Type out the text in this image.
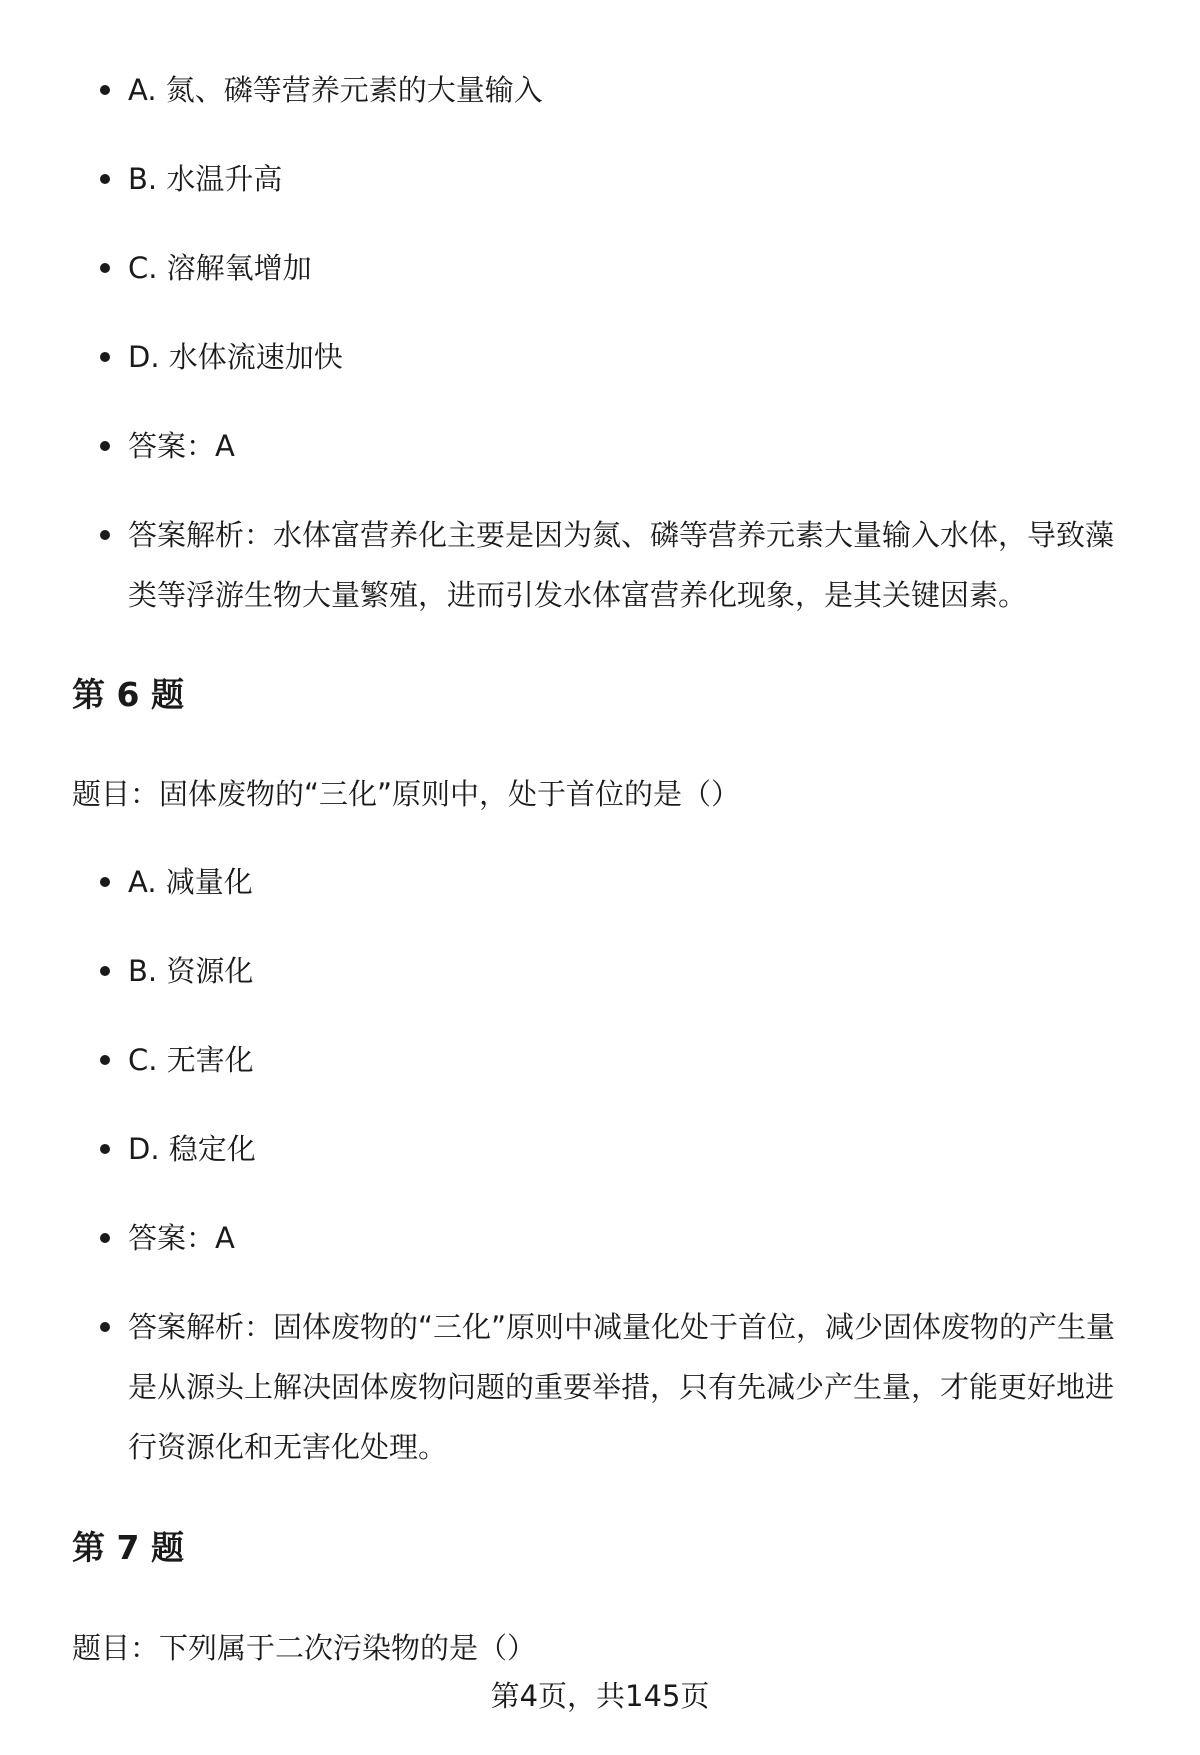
A. 氮、磷等营养元素的大量输入
B. 水温升高
C. 溶解氧增加
D. 水体流速加快
答案：A
答案解析：水体富营养化主要是因为氮、磷等营养元素大量输入水体，导致藻类等浮游生物大量繁殖，进而引发水体富营养化现象，是其关键因素。
第 6 题
题目：固体废物的“三化”原则中，处于首位的是（）
A. 减量化
B. 资源化
C. 无害化
D. 稳定化
答案：A
答案解析：固体废物的“三化”原则中减量化处于首位，减少固体废物的产生量是从源头上解决固体废物问题的重要举措，只有先减少产生量，才能更好地进行资源化和无害化处理。
第 7 题
题目：下列属于二次污染物的是（）
第4页，共145页
